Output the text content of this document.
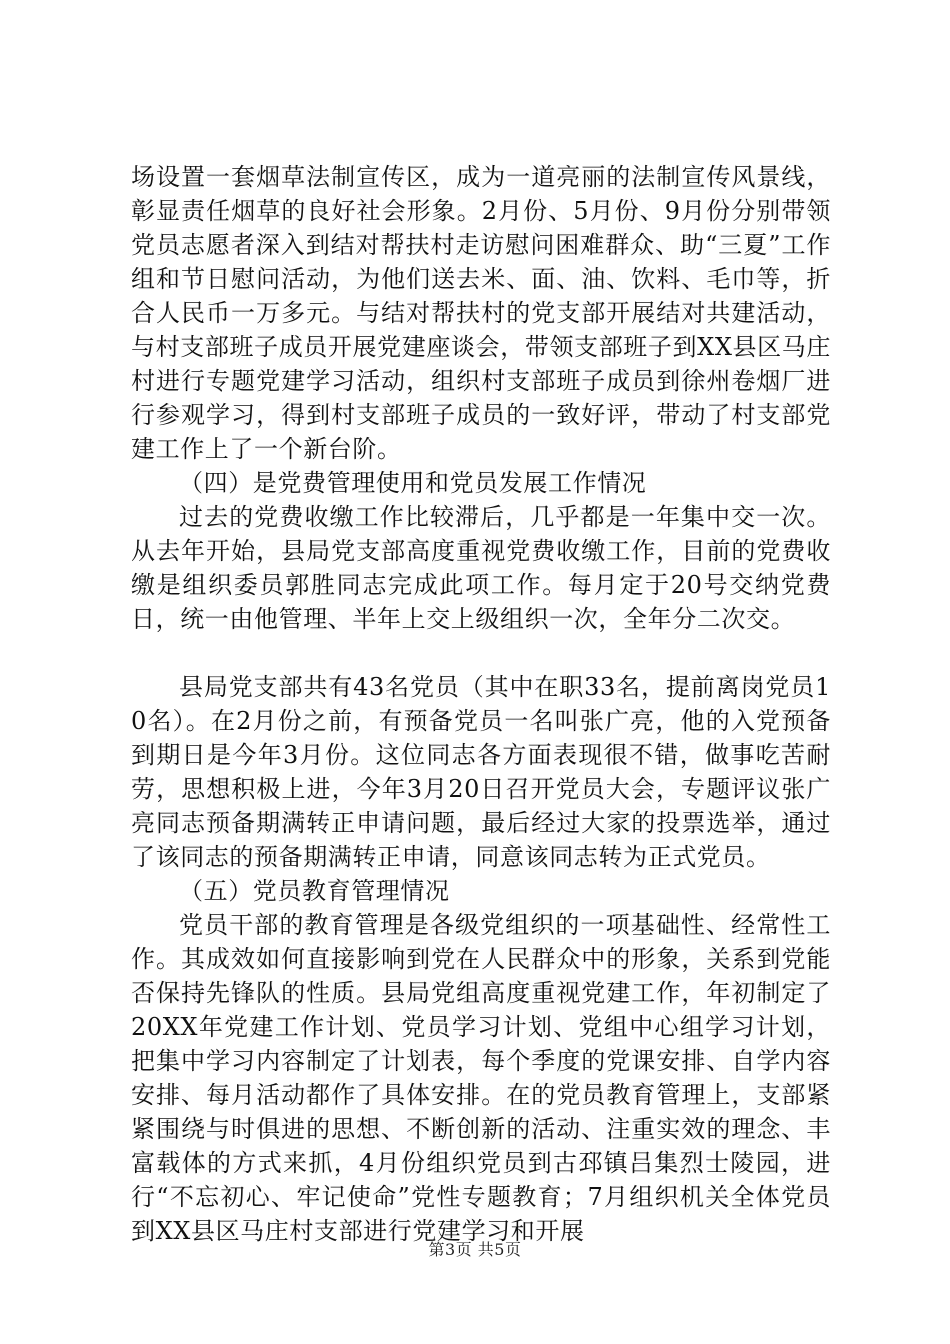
场设置一套烟草法制宣传区，成为一道亮丽的法制宣传风景线，彰显责任烟草的良好社会形象。2月份、5月份、9月份分别带领党员志愿者深入到结对帮扶村走访慰问困难群众、助“三夏”工作组和节日慰问活动，为他们送去米、面、油、饮料、毛巾等，折合人民币一万多元。与结对帮扶村的党支部开展结对共建活动，与村支部班子成员开展党建座谈会，带领支部班子到XX县区马庄村进行专题党建学习活动，组织村支部班子成员到徐州卷烟厂进行参观学习，得到村支部班子成员的一致好评，带动了村支部党建工作上了一个新台阶。

（四）是党费管理使用和党员发展工作情况

过去的党费收缴工作比较滞后，几乎都是一年集中交一次。从去年开始，县局党支部高度重视党费收缴工作，目前的党费收缴是组织委员郭胜同志完成此项工作。每月定于20号交纳党费日，统一由他管理、半年上交上级组织一次，全年分二次交。

县局党支部共有43名党员（其中在职33名，提前离岗党员10名）。在2月份之前，有预备党员一名叫张广亮，他的入党预备到期日是今年3月份。这位同志各方面表现很不错，做事吃苦耐劳，思想积极上进，今年3月20日召开党员大会，专题评议张广亮同志预备期满转正申请问题，最后经过大家的投票选举，通过了该同志的预备期满转正申请，同意该同志转为正式党员。

（五）党员教育管理情况

党员干部的教育管理是各级党组织的一项基础性、经常性工作。其成效如何直接影响到党在人民群众中的形象，关系到党能否保持先锋队的性质。县局党组高度重视党建工作，年初制定了20XX年党建工作计划、党员学习计划、党组中心组学习计划，把集中学习内容制定了计划表，每个季度的党课安排、自学内容安排、每月活动都作了具体安排。在的党员教育管理上，支部紧紧围绕与时俱进的思想、不断创新的活动、注重实效的理念、丰富载体的方式来抓，4月份组织党员到古邳镇吕集烈士陵园，进行“不忘初心、牢记使命”党性专题教育；7月组织机关全体党员到XX县区马庄村支部进行党建学习和开展

第3页 共5页
